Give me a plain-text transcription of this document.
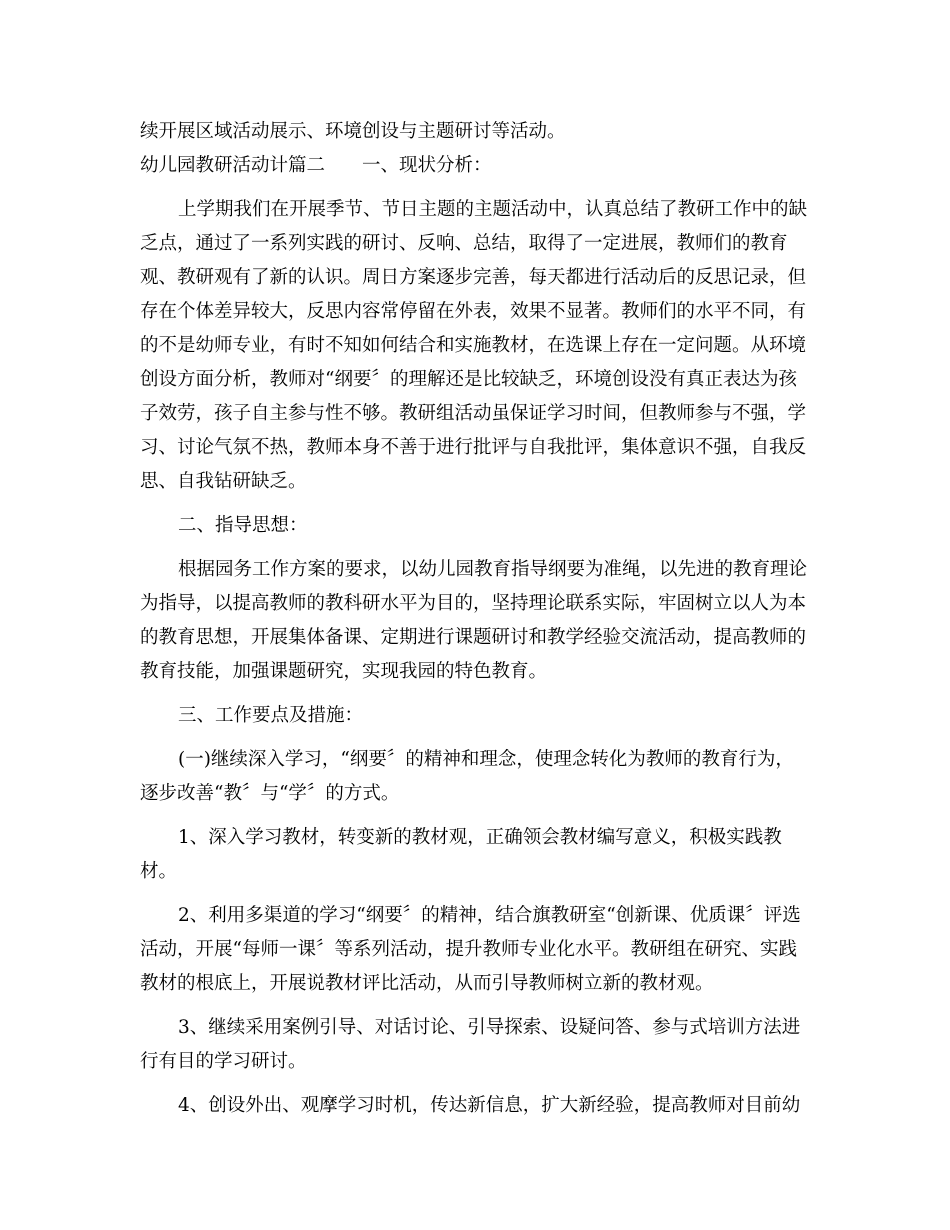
续开展区域活动展示、环境创设与主题研讨等活动。

幼儿园教研活动计篇二　　一、现状分析：

上学期我们在开展季节、节日主题的主题活动中，认真总结了教研工作中的缺

乏点，通过了一系列实践的研讨、反响、总结，取得了一定进展，教师们的教育

观、教研观有了新的认识。周日方案逐步完善，每天都进行活动后的反思记录，但

存在个体差异较大，反思内容常停留在外表，效果不显著。教师们的水平不同，有

的不是幼师专业，有时不知如何结合和实施教材，在选课上存在一定问题。从环境

创设方面分析，教师对“纲要〞的理解还是比较缺乏，环境创设没有真正表达为孩

子效劳，孩子自主参与性不够。教研组活动虽保证学习时间，但教师参与不强，学

习、讨论气氛不热，教师本身不善于进行批评与自我批评，集体意识不强，自我反

思、自我钻研缺乏。

二、指导思想：

根据园务工作方案的要求，以幼儿园教育指导纲要为准绳，以先进的教育理论

为指导，以提高教师的教科研水平为目的，坚持理论联系实际，牢固树立以人为本

的教育思想，开展集体备课、定期进行课题研讨和教学经验交流活动，提高教师的

教育技能，加强课题研究，实现我园的特色教育。

三、工作要点及措施：

(一)继续深入学习，“纲要〞的精神和理念，使理念转化为教师的教育行为，

逐步改善“教〞与“学〞的方式。

1、深入学习教材，转变新的教材观，正确领会教材编写意义，积极实践教

材。

2、利用多渠道的学习“纲要〞的精神，结合旗教研室“创新课、优质课〞评选

活动，开展“每师一课〞等系列活动，提升教师专业化水平。教研组在研究、实践

教材的根底上，开展说教材评比活动，从而引导教师树立新的教材观。

3、继续采用案例引导、对话讨论、引导探索、设疑问答、参与式培训方法进

行有目的学习研讨。

4、创设外出、观摩学习时机，传达新信息，扩大新经验，提高教师对目前幼
